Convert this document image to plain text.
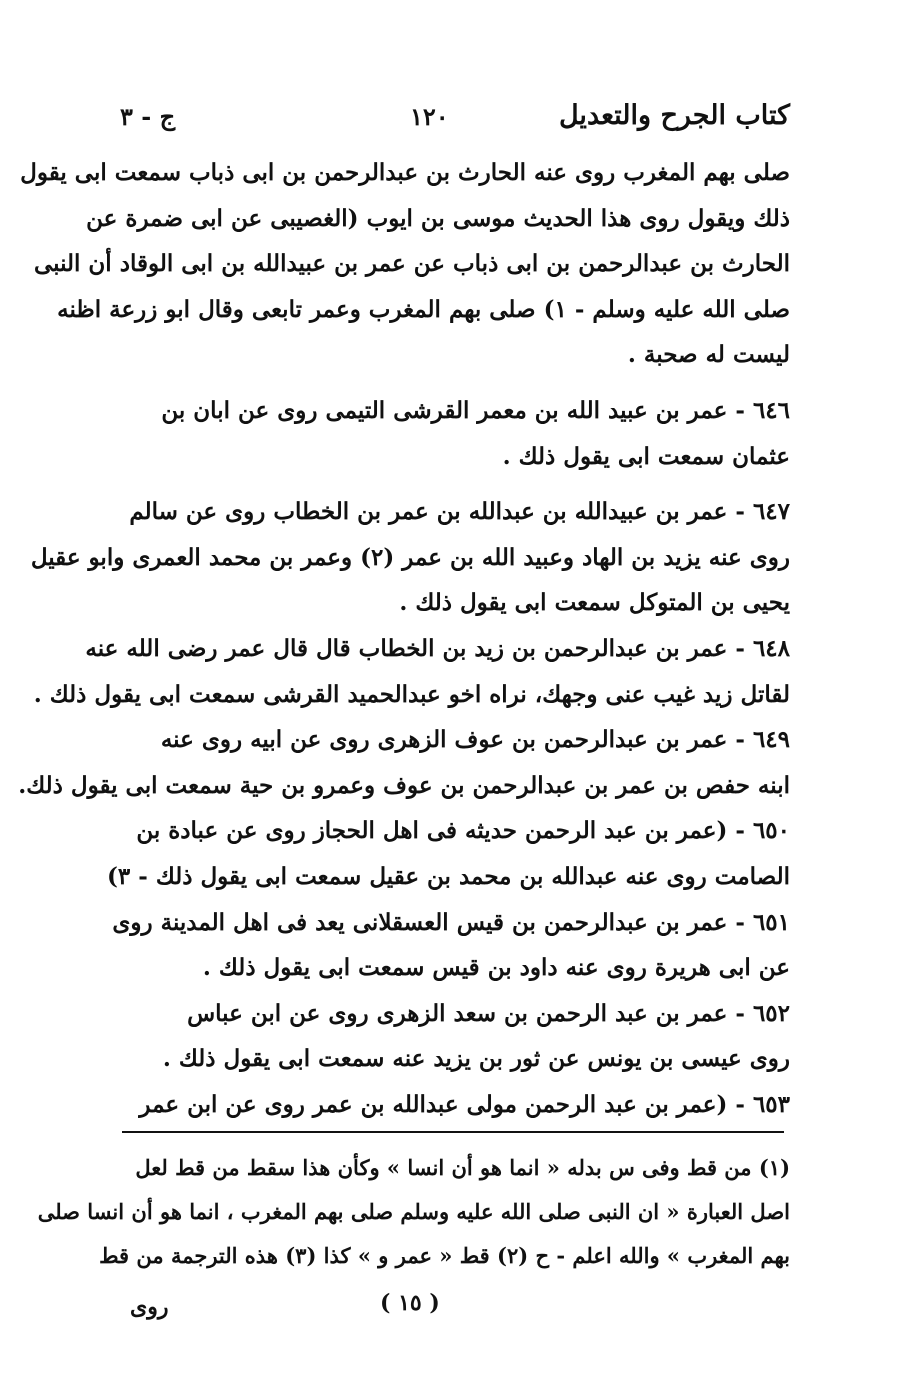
كتاب الجرح والتعديل
١٢٠
ج - ٣
صلى بهم المغرب روى عنه الحارث بن عبدالرحمن بن ابى ذباب سمعت ابى يقول
ذلك ويقول روى هذا الحديث موسى بن ايوب (الغصيبى عن ابى ضمرة عن
الحارث بن عبدالرحمن بن ابى ذباب عن عمر بن عبيدالله بن ابى الوقاد أن النبى
صلى الله عليه وسلم - ١) صلى بهم المغرب وعمر تابعى وقال ابو زرعة اظنه
ليست له صحبة .
٦٤٦ - عمر بن عبيد الله بن معمر القرشى التيمى روى عن ابان بن
عثمان سمعت ابى يقول ذلك .
٦٤٧ - عمر بن عبيدالله بن عبدالله بن عمر بن الخطاب روى عن سالم
روى عنه يزيد بن الهاد وعبيد الله بن عمر (٢) وعمر بن محمد العمرى وابو عقيل
يحيى بن المتوكل سمعت ابى يقول ذلك .
٦٤٨ - عمر بن عبدالرحمن بن زيد بن الخطاب قال قال عمر رضى الله عنه
لقاتل زيد غيب عنى وجهك، نراه اخو عبدالحميد القرشى سمعت ابى يقول ذلك .
٦٤٩ - عمر بن عبدالرحمن بن عوف الزهرى روى عن ابيه روى عنه
ابنه حفص بن عمر بن عبدالرحمن بن عوف وعمرو بن حية سمعت ابى يقول ذلك.
٦٥٠ - (عمر بن عبد الرحمن حديثه فى اهل الحجاز روى عن عبادة بن
الصامت روى عنه عبدالله بن محمد بن عقيل سمعت ابى يقول ذلك - ٣)
٦٥١ - عمر بن عبدالرحمن بن قيس العسقلانى يعد فى اهل المدينة روى
عن ابى هريرة روى عنه داود بن قيس سمعت ابى يقول ذلك .
٦٥٢ - عمر بن عبد الرحمن بن سعد الزهرى روى عن ابن عباس
روى عيسى بن يونس عن ثور بن يزيد عنه سمعت ابى يقول ذلك .
٦٥٣ - (عمر بن عبد الرحمن مولى عبدالله بن عمر روى عن ابن عمر
(١) من قط وفى س بدله « انما هو أن انسا » وكأن هذا سقط من قط لعل
اصل العبارة « ان النبى صلى الله عليه وسلم صلى بهم المغرب ، انما هو أن انسا صلى
بهم المغرب » والله اعلم - ح (٢) قط « عمر و » كذا (٣) هذه الترجمة من قط
( ١٥ )
روى
